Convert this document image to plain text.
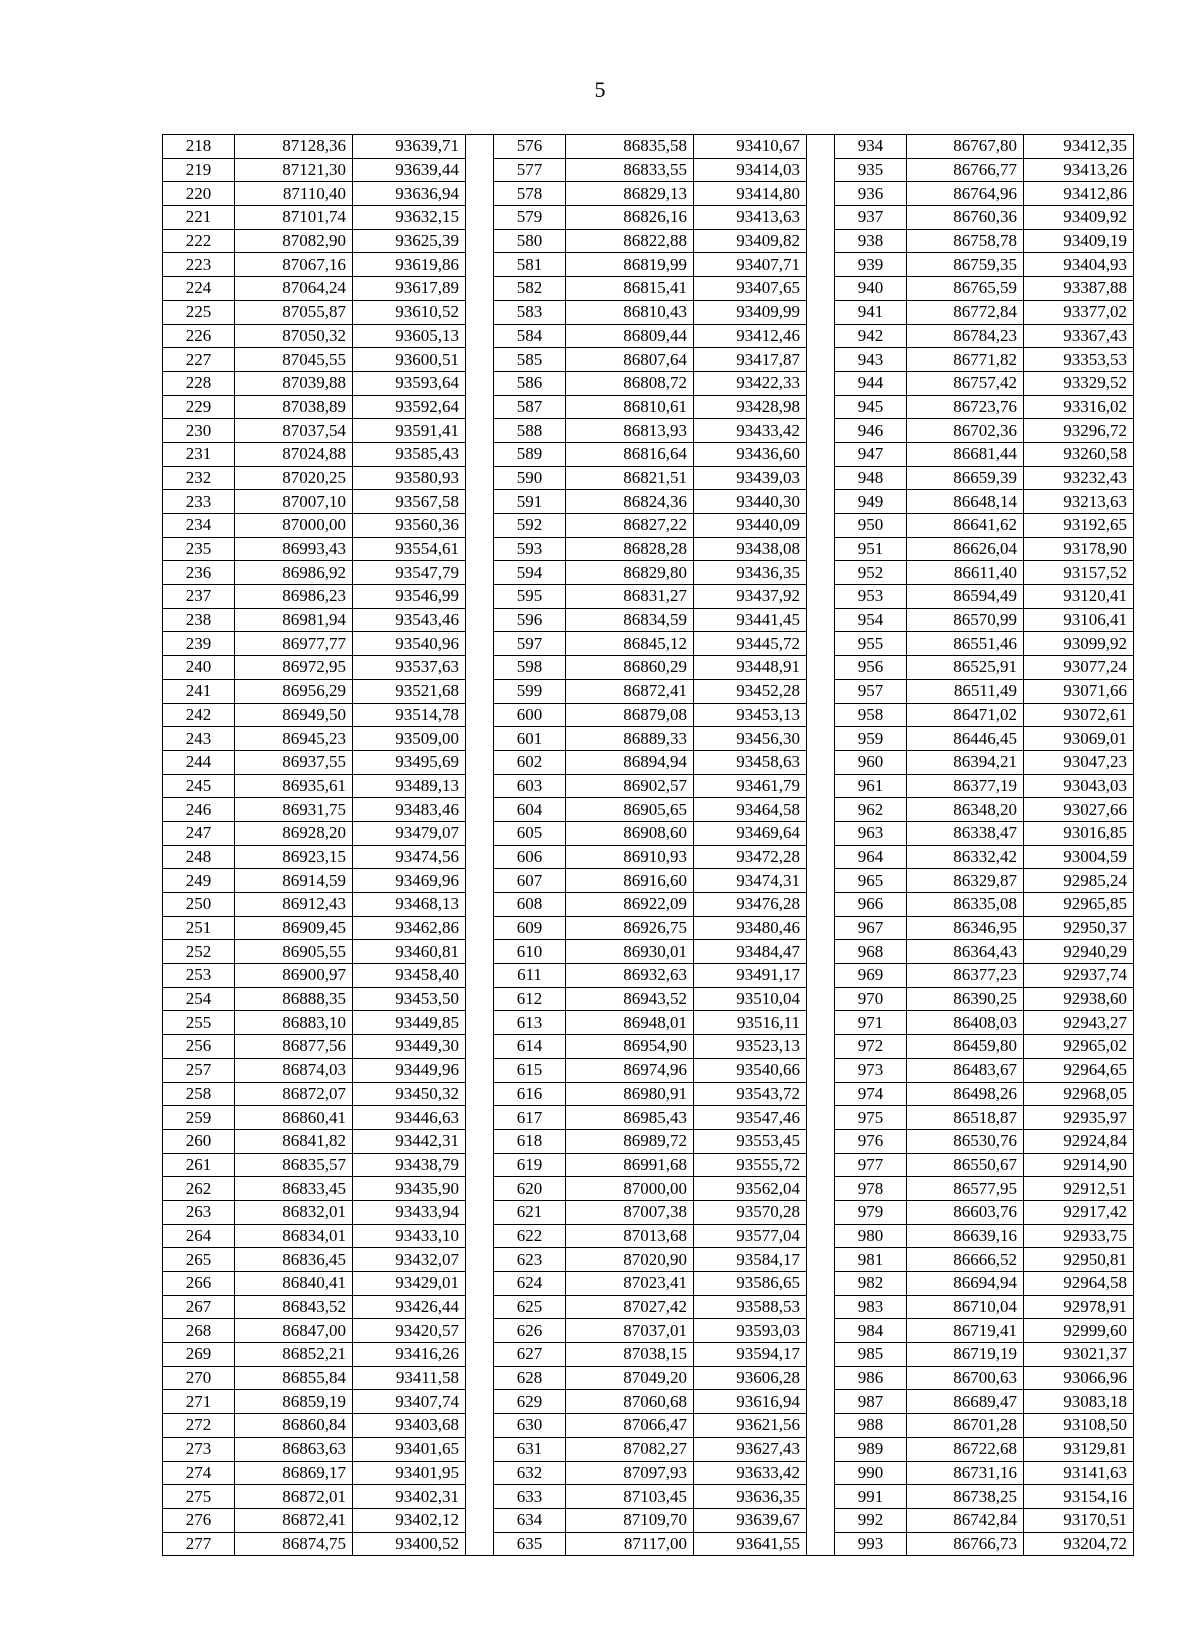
5
218	87128,36	93639,71		576	86835,58	93410,67		934	86767,80	93412,35
219	87121,30	93639,44		577	86833,55	93414,03		935	86766,77	93413,26
220	87110,40	93636,94		578	86829,13	93414,80		936	86764,96	93412,86
221	87101,74	93632,15		579	86826,16	93413,63		937	86760,36	93409,92
222	87082,90	93625,39		580	86822,88	93409,82		938	86758,78	93409,19
223	87067,16	93619,86		581	86819,99	93407,71		939	86759,35	93404,93
224	87064,24	93617,89		582	86815,41	93407,65		940	86765,59	93387,88
225	87055,87	93610,52		583	86810,43	93409,99		941	86772,84	93377,02
226	87050,32	93605,13		584	86809,44	93412,46		942	86784,23	93367,43
227	87045,55	93600,51		585	86807,64	93417,87		943	86771,82	93353,53
228	87039,88	93593,64		586	86808,72	93422,33		944	86757,42	93329,52
229	87038,89	93592,64		587	86810,61	93428,98		945	86723,76	93316,02
230	87037,54	93591,41		588	86813,93	93433,42		946	86702,36	93296,72
231	87024,88	93585,43		589	86816,64	93436,60		947	86681,44	93260,58
232	87020,25	93580,93		590	86821,51	93439,03		948	86659,39	93232,43
233	87007,10	93567,58		591	86824,36	93440,30		949	86648,14	93213,63
234	87000,00	93560,36		592	86827,22	93440,09		950	86641,62	93192,65
235	86993,43	93554,61		593	86828,28	93438,08		951	86626,04	93178,90
236	86986,92	93547,79		594	86829,80	93436,35		952	86611,40	93157,52
237	86986,23	93546,99		595	86831,27	93437,92		953	86594,49	93120,41
238	86981,94	93543,46		596	86834,59	93441,45		954	86570,99	93106,41
239	86977,77	93540,96		597	86845,12	93445,72		955	86551,46	93099,92
240	86972,95	93537,63		598	86860,29	93448,91		956	86525,91	93077,24
241	86956,29	93521,68		599	86872,41	93452,28		957	86511,49	93071,66
242	86949,50	93514,78		600	86879,08	93453,13		958	86471,02	93072,61
243	86945,23	93509,00		601	86889,33	93456,30		959	86446,45	93069,01
244	86937,55	93495,69		602	86894,94	93458,63		960	86394,21	93047,23
245	86935,61	93489,13		603	86902,57	93461,79		961	86377,19	93043,03
246	86931,75	93483,46		604	86905,65	93464,58		962	86348,20	93027,66
247	86928,20	93479,07		605	86908,60	93469,64		963	86338,47	93016,85
248	86923,15	93474,56		606	86910,93	93472,28		964	86332,42	93004,59
249	86914,59	93469,96		607	86916,60	93474,31		965	86329,87	92985,24
250	86912,43	93468,13		608	86922,09	93476,28		966	86335,08	92965,85
251	86909,45	93462,86		609	86926,75	93480,46		967	86346,95	92950,37
252	86905,55	93460,81		610	86930,01	93484,47		968	86364,43	92940,29
253	86900,97	93458,40		611	86932,63	93491,17		969	86377,23	92937,74
254	86888,35	93453,50		612	86943,52	93510,04		970	86390,25	92938,60
255	86883,10	93449,85		613	86948,01	93516,11		971	86408,03	92943,27
256	86877,56	93449,30		614	86954,90	93523,13		972	86459,80	92965,02
257	86874,03	93449,96		615	86974,96	93540,66		973	86483,67	92964,65
258	86872,07	93450,32		616	86980,91	93543,72		974	86498,26	92968,05
259	86860,41	93446,63		617	86985,43	93547,46		975	86518,87	92935,97
260	86841,82	93442,31		618	86989,72	93553,45		976	86530,76	92924,84
261	86835,57	93438,79		619	86991,68	93555,72		977	86550,67	92914,90
262	86833,45	93435,90		620	87000,00	93562,04		978	86577,95	92912,51
263	86832,01	93433,94		621	87007,38	93570,28		979	86603,76	92917,42
264	86834,01	93433,10		622	87013,68	93577,04		980	86639,16	92933,75
265	86836,45	93432,07		623	87020,90	93584,17		981	86666,52	92950,81
266	86840,41	93429,01		624	87023,41	93586,65		982	86694,94	92964,58
267	86843,52	93426,44		625	87027,42	93588,53		983	86710,04	92978,91
268	86847,00	93420,57		626	87037,01	93593,03		984	86719,41	92999,60
269	86852,21	93416,26		627	87038,15	93594,17		985	86719,19	93021,37
270	86855,84	93411,58		628	87049,20	93606,28		986	86700,63	93066,96
271	86859,19	93407,74		629	87060,68	93616,94		987	86689,47	93083,18
272	86860,84	93403,68		630	87066,47	93621,56		988	86701,28	93108,50
273	86863,63	93401,65		631	87082,27	93627,43		989	86722,68	93129,81
274	86869,17	93401,95		632	87097,93	93633,42		990	86731,16	93141,63
275	86872,01	93402,31		633	87103,45	93636,35		991	86738,25	93154,16
276	86872,41	93402,12		634	87109,70	93639,67		992	86742,84	93170,51
277	86874,75	93400,52		635	87117,00	93641,55		993	86766,73	93204,72
